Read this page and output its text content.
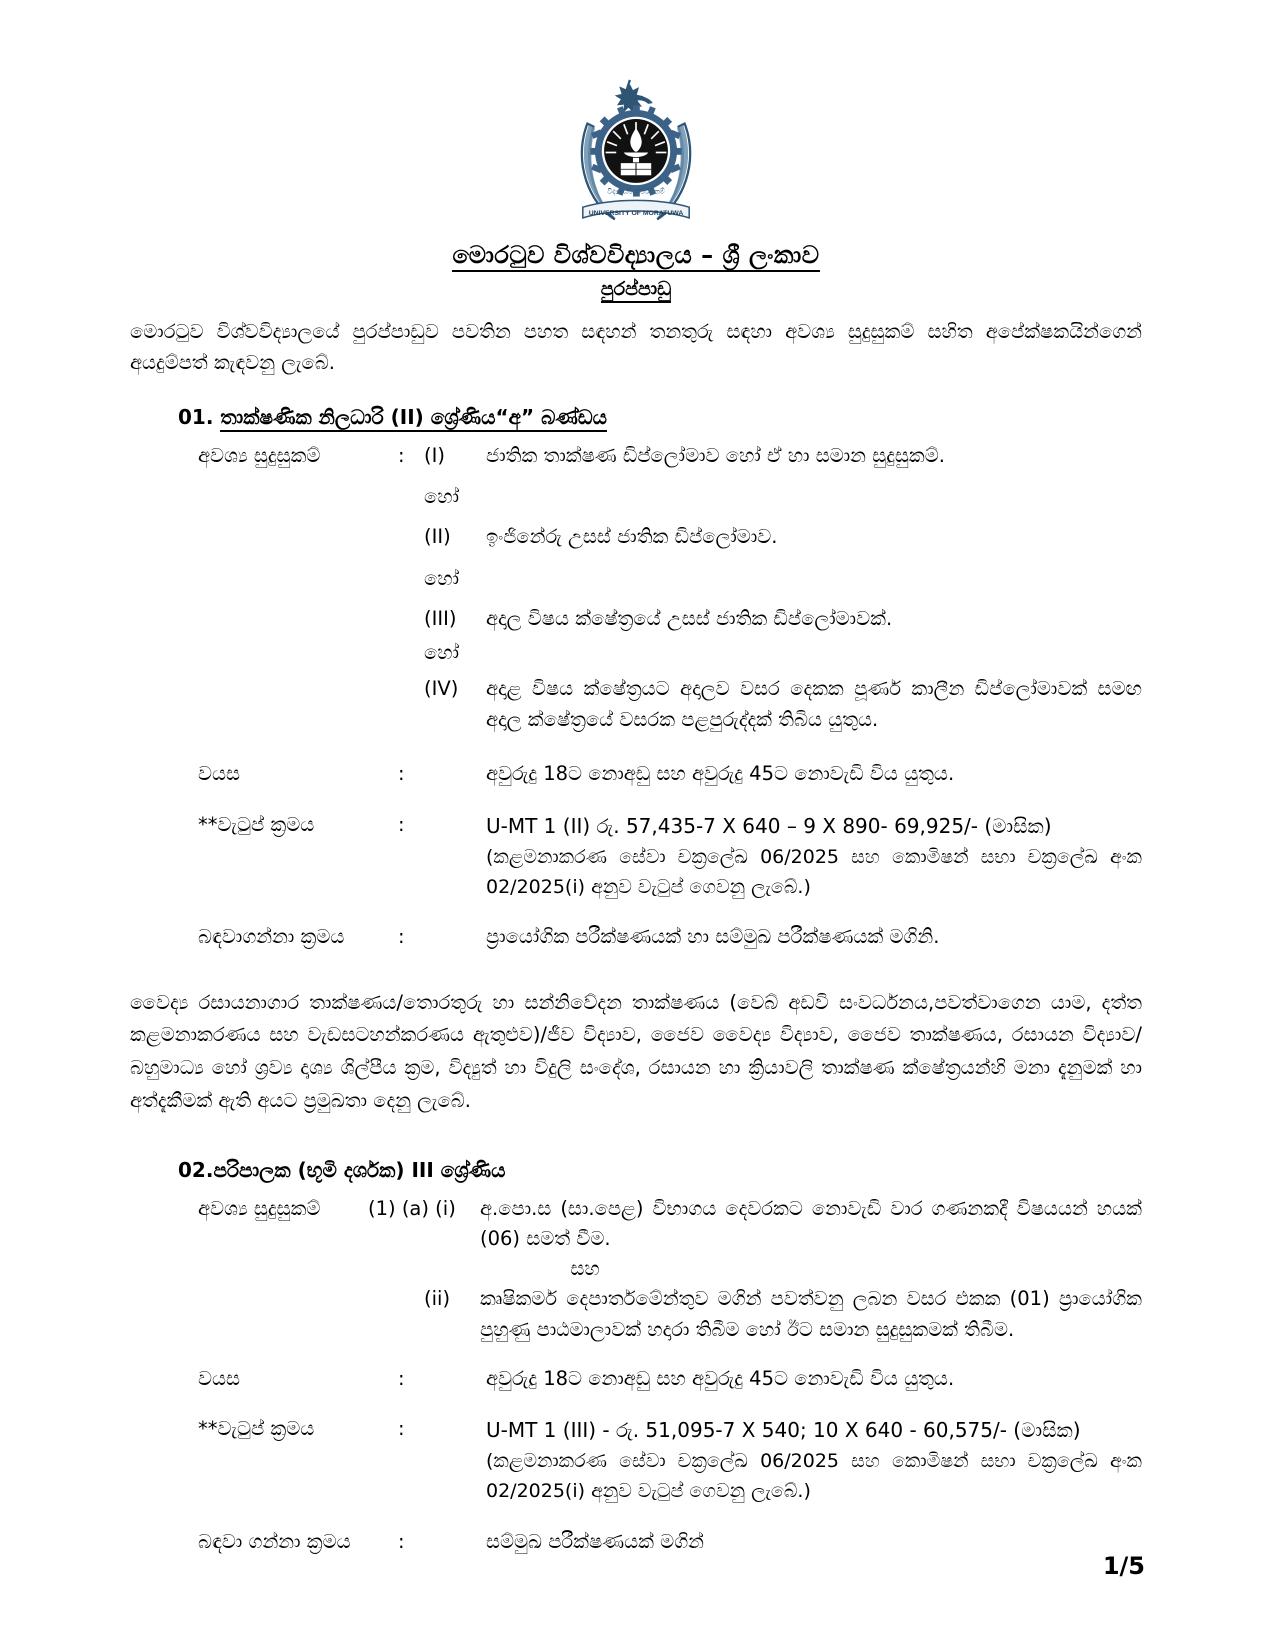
විද්‍යයෙව සර්වධනම්
UNIVERSITY OF MORATUWA
මොරටුව විශ්වවිද්‍යාලය – ශ්‍රී ලංකාව
පුරප්පාඩු
මොරටුව විශ්වවිද්‍යාලයේ පුරප්පාඩුව පවතින පහත සඳහන් තනතුරු සඳහා අවශ්‍ය සුදුසුකම් සහිත අපේක්ෂකයින්ගෙන් අයදුම්පත් කැඳවනු ලැබේ.
01. තාක්ෂණික නිලධාරි (II) ශ්‍රේණිය“අ” බණ්ඩය
අවශ්‍ය සුදුසුකම්	: (I)	ජාතික තාක්ෂණ ඩිප්ලෝමාව හෝ ඒ හා සමාන සුදුසුකම්.
හෝ
(II)	ඉංජිනේරු උසස් ජාතික ඩිප්ලෝමාව.
හෝ
(III)	අදාල විෂය ක්ෂේත්‍රයේ උසස් ජාතික ඩිප්ලෝමාවක්.
හෝ
(IV)	අදාළ විෂය ක්ෂේත්‍රයට අදාලව වසර දෙකක පූර්ණ කාලීන ඩිප්ලෝමාවක් සමඟ අදාල ක්ෂේත්‍රයේ වසරක පළපුරුද්දක් තිබිය යුතුය.
වයස	:	අවුරුදු 18ට නොඅඩු සහ අවුරුදු 45ට නොවැඩි විය යුතුය.
**වැටුප් ක්‍රමය	:	U-MT 1 (II) රු. 57,435-7 X 640 – 9 X 890- 69,925/- (මාසික)
(කළමනාකරණ සේවා චක්‍රලේඛ 06/2025 සහ කොමිෂන් සභා චක්‍රලේඛ අංක 02/2025(i) අනුව වැටුප් ගෙවනු ලැබේ.)
බඳවාගන්නා ක්‍රමය	:	ප්‍රායෝගික පරීක්ෂණයක් හා සම්මුඛ පරීක්ෂණයක් මගිනි.
වෛද්‍ය රසායනාගාර තාක්ෂණය/තොරතුරු හා සන්නිවේදන තාක්ෂණය (වෙබ් අඩවි සංවර්ධනය,පවත්වාගෙන යාම, දත්ත කළමනාකරණය සහ වැඩසටහන්කරණය ඇතුළුව)/ජීව විද්‍යාව, ජෛව වෛද්‍ය විද්‍යාව, ජෛව තාක්ෂණය, රසායන විද්‍යාව/ බහුමාධ්‍ය හෝ ශ්‍රව්‍ය දෘශ්‍ය ශිල්පීය ක්‍රම, විද්‍යුත් හා විදුලි සංදේශ, රසායන හා ක්‍රියාවලි තාක්ෂණ ක්ෂේත්‍රයන්හි මනා දැනුමක් හා අත්දැකීමක් ඇති අයට ප්‍රමුඛතා දෙනු ලැබේ.
02.පරිපාලක (භූමි දර්ශක) III ශ්‍රේණිය
අවශ්‍ය සුදුසුකම්	(1) (a) (i)	අ.පො.ස (සා.පෙළ) විභාගය දෙවරකට නොවැඩි වාර ගණනකදී විෂයයන් හයක් (06) සමත් වීම.
සහ
(ii)	කෘෂිකර්ම දෙපාර්තමේන්තුව මගින් පවත්වනු ලබන වසර එකක (01) ප්‍රායෝගික පුහුණු පාඨමාලාවක් හදාරා තිබීම හෝ ඊට සමාන සුදුසුකමක් තිබීම.
වයස	:	අවුරුදු 18ට නොඅඩු සහ අවුරුදු 45ට නොවැඩි විය යුතුය.
**වැටුප් ක්‍රමය	:	U-MT 1 (III) - රු. 51,095-7 X 540; 10 X 640 - 60,575/- (මාසික)
(කළමනාකරණ සේවා චක්‍රලේඛ 06/2025 සහ කොමිෂන් සභා චක්‍රලේඛ අංක 02/2025(i) අනුව වැටුප් ගෙවනු ලැබේ.)
බඳවා ගන්නා ක්‍රමය	:	සම්මුඛ පරීක්ෂණයක් මගින්
1/5
